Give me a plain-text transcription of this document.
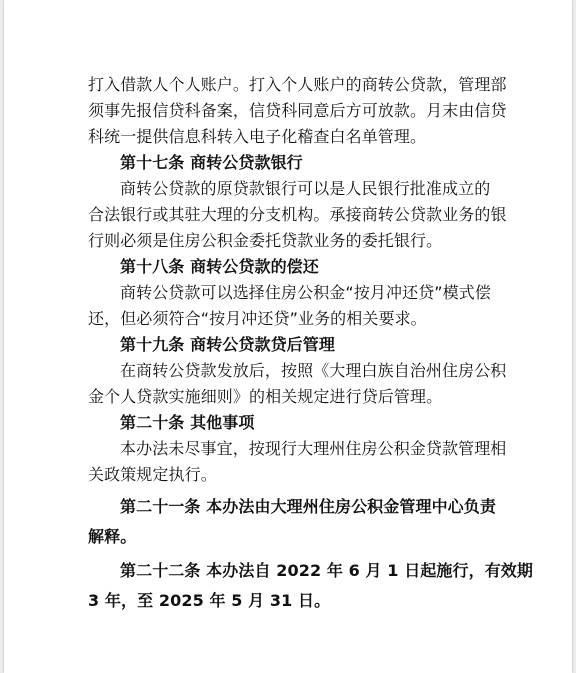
打入借款人个人账户。打入个人账户的商转公贷款，管理部
须事先报信贷科备案，信贷科同意后方可放款。月末由信贷
科统一提供信息科转入电子化稽查白名单管理。
第十七条 商转公贷款银行
商转公贷款的原贷款银行可以是人民银行批准成立的
合法银行或其驻大理的分支机构。承接商转公贷款业务的银
行则必须是住房公积金委托贷款业务的委托银行。
第十八条 商转公贷款的偿还
商转公贷款可以选择住房公积金“按月冲还贷”模式偿
还，但必须符合“按月冲还贷”业务的相关要求。
第十九条 商转公贷款贷后管理
在商转公贷款发放后，按照《大理白族自治州住房公积
金个人贷款实施细则》的相关规定进行贷后管理。
第二十条 其他事项
本办法未尽事宜，按现行大理州住房公积金贷款管理相
关政策规定执行。
第二十一条 本办法由大理州住房公积金管理中心负责
解释。
第二十二条 本办法自 2022 年 6 月 1 日起施行，有效期
3 年，至 2025 年 5 月 31 日。
